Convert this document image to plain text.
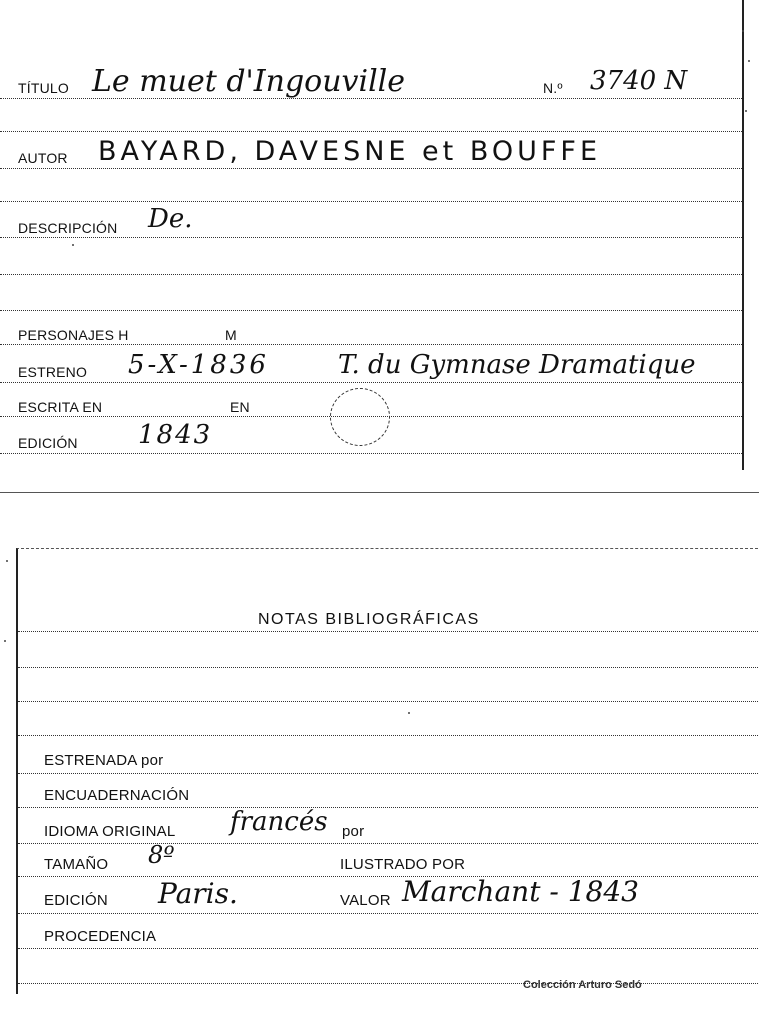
TÍTULO Le muet d'Ingouville	N.º 3740 N
AUTOR BAYARD, DAVESNE et BOUFFE
DESCRIPCIÓN De.
PERSONAJES H	M
ESTRENO 5-X-1836	T. du Gymnase Dramatique
ESCRITA EN	EN
EDICIÓN 1843
NOTAS BIBLIOGRÁFICAS
ESTRENADA por
ENCUADERNACIÓN
IDIOMA ORIGINAL francés por
TAMAÑO 8º	ILUSTRADO POR
EDICIÓN Paris.	VALOR Marchant - 1843
PROCEDENCIA
Colección Arturo Sedó
